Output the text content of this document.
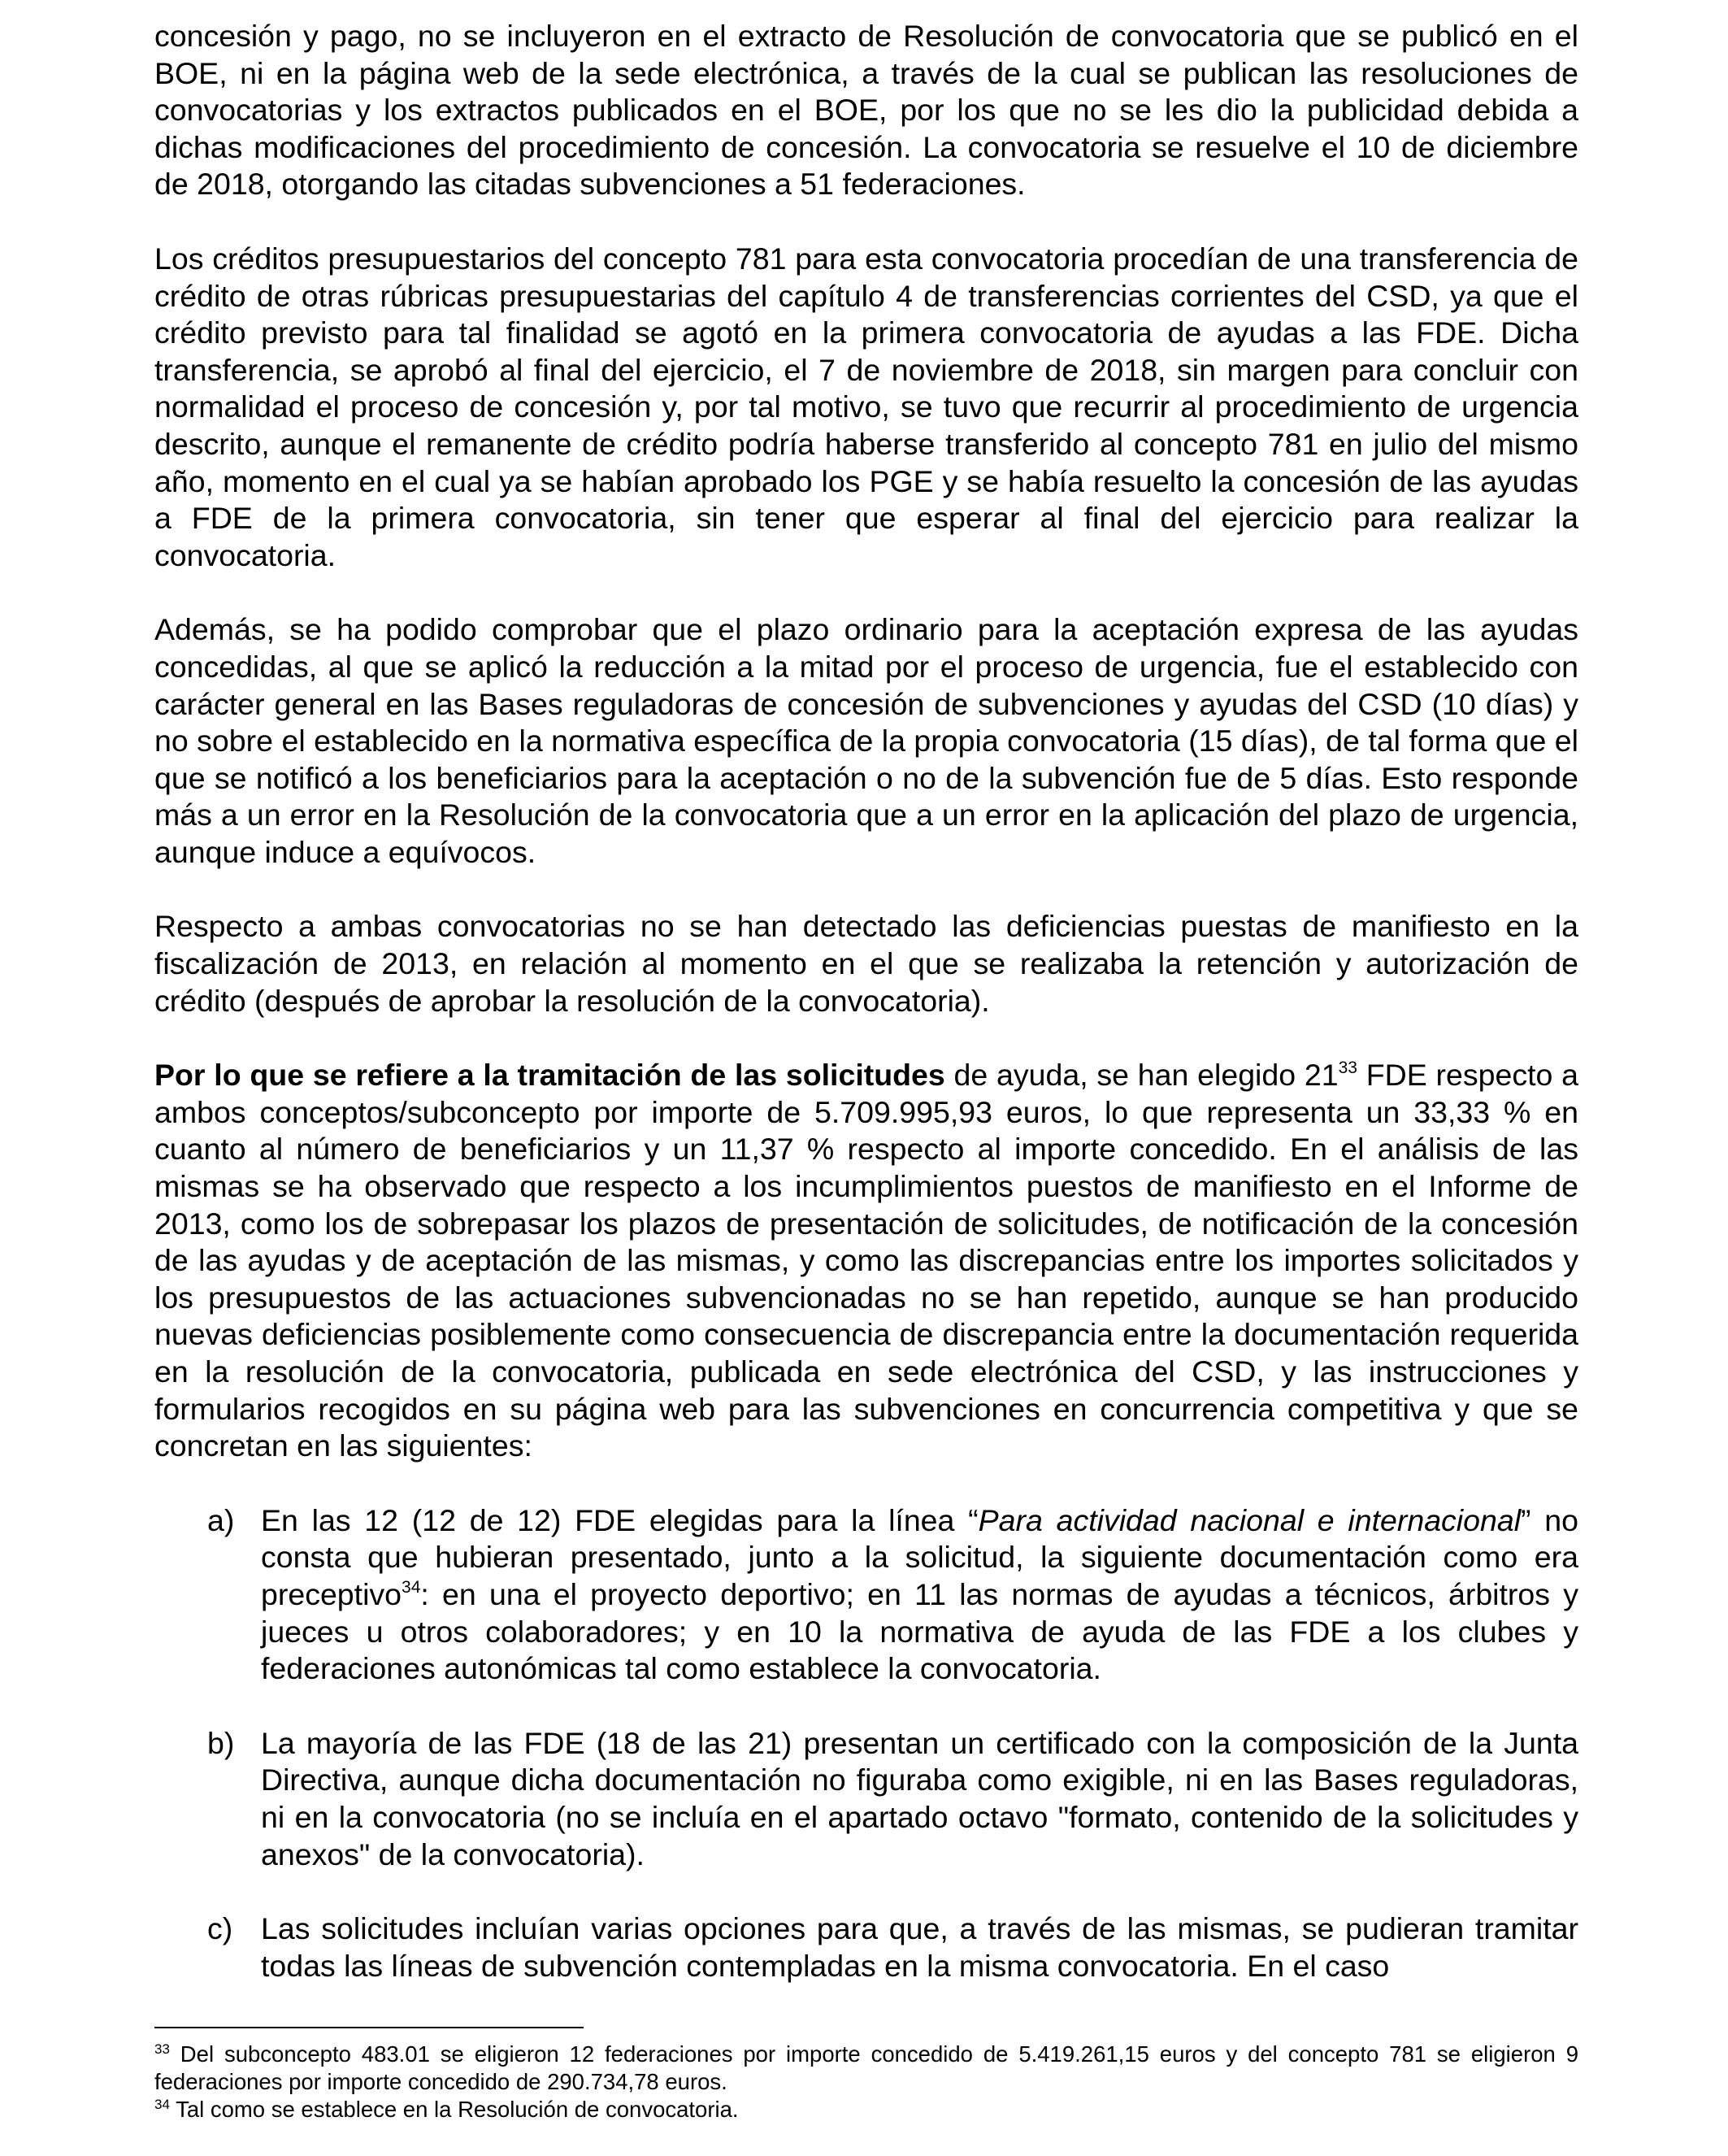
concesión y pago, no se incluyeron en el extracto de Resolución de convocatoria que se publicó en el BOE, ni en la página web de la sede electrónica, a través de la cual se publican las resoluciones de convocatorias y los extractos publicados en el BOE, por los que no se les dio la publicidad debida a dichas modificaciones del procedimiento de concesión. La convocatoria se resuelve el 10 de diciembre de 2018, otorgando las citadas subvenciones a 51 federaciones.

Los créditos presupuestarios del concepto 781 para esta convocatoria procedían de una transferencia de crédito de otras rúbricas presupuestarias del capítulo 4 de transferencias corrientes del CSD, ya que el crédito previsto para tal finalidad se agotó en la primera convocatoria de ayudas a las FDE. Dicha transferencia, se aprobó al final del ejercicio, el 7 de noviembre de 2018, sin margen para concluir con normalidad el proceso de concesión y, por tal motivo, se tuvo que recurrir al procedimiento de urgencia descrito, aunque el remanente de crédito podría haberse transferido al concepto 781 en julio del mismo año, momento en el cual ya se habían aprobado los PGE y se había resuelto la concesión de las ayudas a FDE de la primera convocatoria, sin tener que esperar al final del ejercicio para realizar la convocatoria.

Además, se ha podido comprobar que el plazo ordinario para la aceptación expresa de las ayudas concedidas, al que se aplicó la reducción a la mitad por el proceso de urgencia, fue el establecido con carácter general en las Bases reguladoras de concesión de subvenciones y ayudas del CSD (10 días) y no sobre el establecido en la normativa específica de la propia convocatoria (15 días), de tal forma que el que se notificó a los beneficiarios para la aceptación o no de la subvención fue de 5 días. Esto responde más a un error en la Resolución de la convocatoria que a un error en la aplicación del plazo de urgencia, aunque induce a equívocos.

Respecto a ambas convocatorias no se han detectado las deficiencias puestas de manifiesto en la fiscalización de 2013, en relación al momento en el que se realizaba la retención y autorización de crédito (después de aprobar la resolución de la convocatoria).

Por lo que se refiere a la tramitación de las solicitudes de ayuda, se han elegido 21$^{33}$ FDE respecto a ambos conceptos/subconcepto por importe de 5.709.995,93 euros, lo que representa un 33,33 % en cuanto al número de beneficiarios y un 11,37 % respecto al importe concedido. En el análisis de las mismas se ha observado que respecto a los incumplimientos puestos de manifiesto en el Informe de 2013, como los de sobrepasar los plazos de presentación de solicitudes, de notificación de la concesión de las ayudas y de aceptación de las mismas, y como las discrepancias entre los importes solicitados y los presupuestos de las actuaciones subvencionadas no se han repetido, aunque se han producido nuevas deficiencias posiblemente como consecuencia de discrepancia entre la documentación requerida en la resolución de la convocatoria, publicada en sede electrónica del CSD, y las instrucciones y formularios recogidos en su página web para las subvenciones en concurrencia competitiva y que se concretan en las siguientes:

a) En las 12 (12 de 12) FDE elegidas para la línea “Para actividad nacional e internacional” no consta que hubieran presentado, junto a la solicitud, la siguiente documentación como era preceptivo$^{34}$: en una el proyecto deportivo; en 11 las normas de ayudas a técnicos, árbitros y jueces u otros colaboradores; y en 10 la normativa de ayuda de las FDE a los clubes y federaciones autonómicas tal como establece la convocatoria.
b) La mayoría de las FDE (18 de las 21) presentan un certificado con la composición de la Junta Directiva, aunque dicha documentación no figuraba como exigible, ni en las Bases reguladoras, ni en la convocatoria (no se incluía en el apartado octavo "formato, contenido de la solicitudes y anexos" de la convocatoria).
c) Las solicitudes incluían varias opciones para que, a través de las mismas, se pudieran tramitar todas las líneas de subvención contempladas en la misma convocatoria. En el caso

$^{33}$ Del subconcepto 483.01 se eligieron 12 federaciones por importe concedido de 5.419.261,15 euros y del concepto 781 se eligieron 9 federaciones por importe concedido de 290.734,78 euros.

$^{34}$ Tal como se establece en la Resolución de convocatoria.
